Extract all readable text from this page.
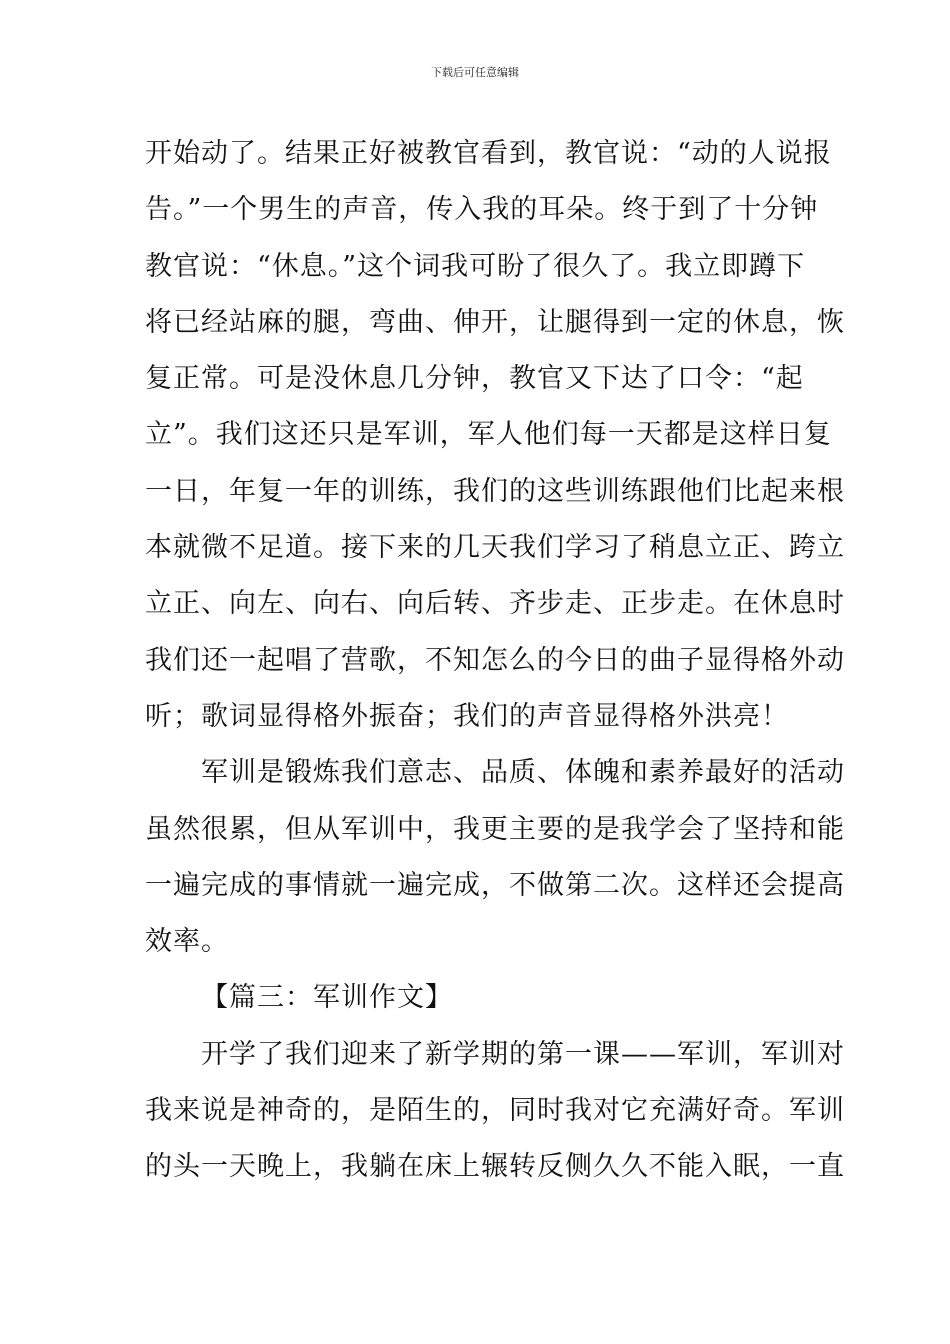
下载后可任意编辑
开始动了。结果正好被教官看到，教官说：“动的人说报
告。”一个男生的声音，传入我的耳朵。终于到了十分钟
教官说：“休息。”这个词我可盼了很久了。我立即蹲下
将已经站麻的腿，弯曲、伸开，让腿得到一定的休息，恢
复正常。可是没休息几分钟，教官又下达了口令：“起
立”。我们这还只是军训，军人他们每一天都是这样日复
一日，年复一年的训练，我们的这些训练跟他们比起来根
本就微不足道。接下来的几天我们学习了稍息立正、跨立
立正、向左、向右、向后转、齐步走、正步走。在休息时
我们还一起唱了营歌，不知怎么的今日的曲子显得格外动
听；歌词显得格外振奋；我们的声音显得格外洪亮！
军训是锻炼我们意志、品质、体魄和素养最好的活动
虽然很累，但从军训中，我更主要的是我学会了坚持和能
一遍完成的事情就一遍完成，不做第二次。这样还会提高
效率。
【篇三：军训作文】
开学了我们迎来了新学期的第一课——军训，军训对
我来说是神奇的，是陌生的，同时我对它充满好奇。军训
的头一天晚上，我躺在床上辗转反侧久久不能入眠，一直
